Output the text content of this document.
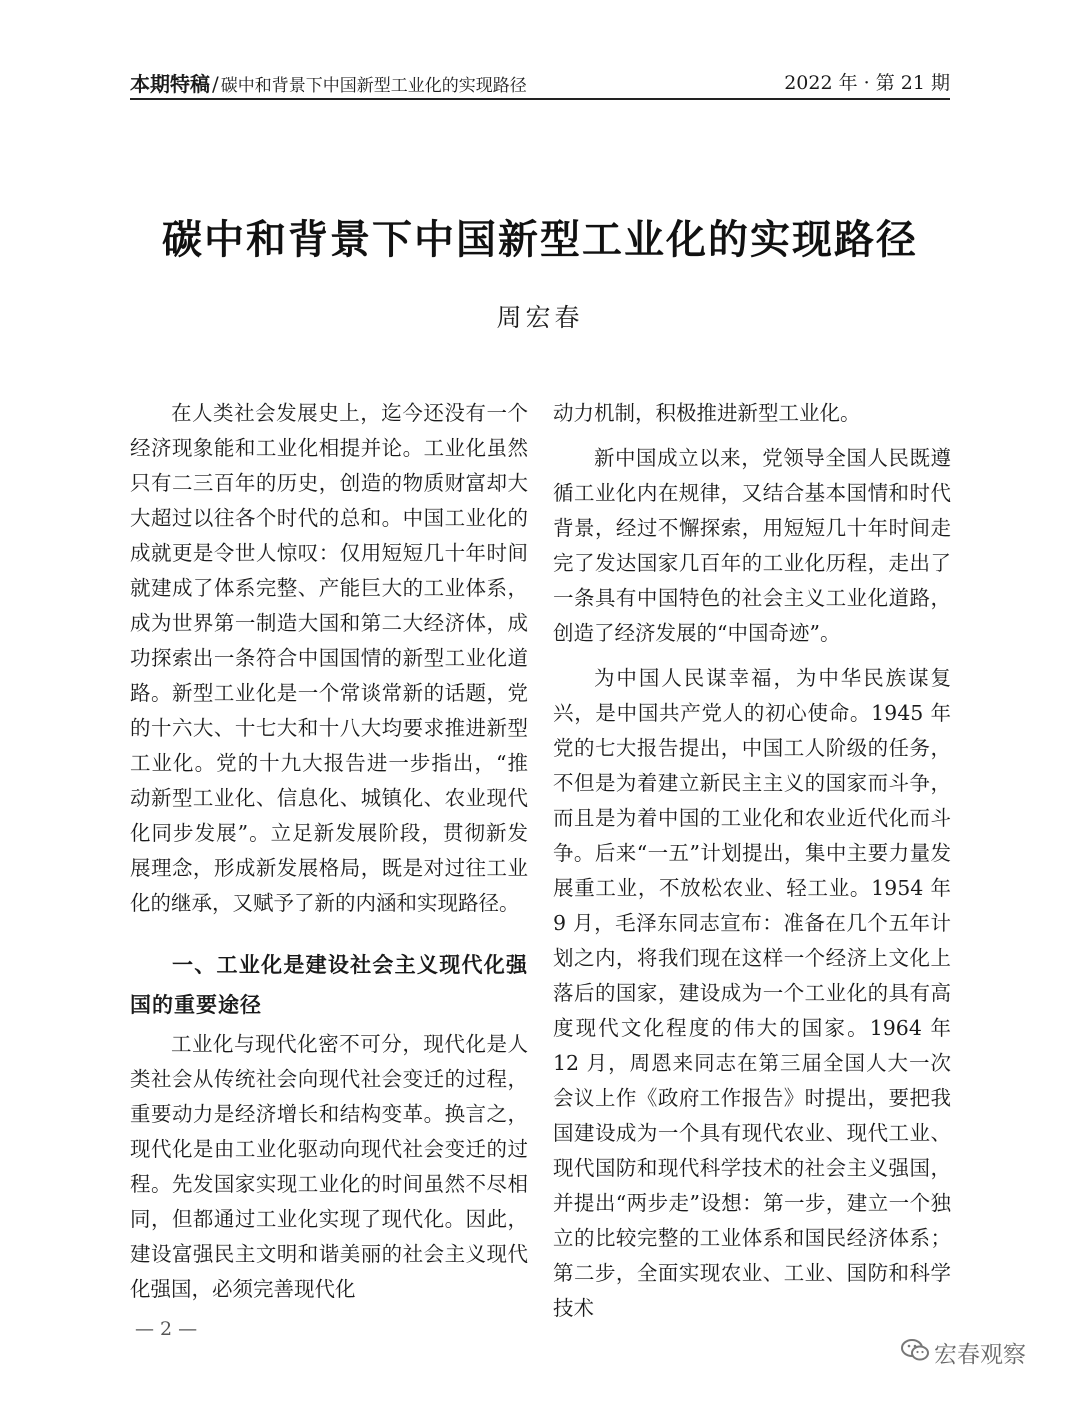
本期特稿 / 碳中和背景下中国新型工业化的实现路径	2022 年 · 第 21 期
碳中和背景下中国新型工业化的实现路径
周宏春

在人类社会发展史上，迄今还没有一个经济现象能和工业化相提并论。工业化虽然只有二三百年的历史，创造的物质财富却大大超过以往各个时代的总和。中国工业化的成就更是令世人惊叹：仅用短短几十年时间就建成了体系完整、产能巨大的工业体系，成为世界第一制造大国和第二大经济体，成功探索出一条符合中国国情的新型工业化道路。新型工业化是一个常谈常新的话题，党的十六大、十七大和十八大均要求推进新型工业化。党的十九大报告进一步指出，“推动新型工业化、信息化、城镇化、农业现代化同步发展”。立足新发展阶段，贯彻新发展理念，形成新发展格局，既是对过往工业化的继承，又赋予了新的内涵和实现路径。

一、工业化是建设社会主义现代化强国的重要途径

工业化与现代化密不可分，现代化是人类社会从传统社会向现代社会变迁的过程，重要动力是经济增长和结构变革。换言之，现代化是由工业化驱动向现代社会变迁的过程。先发国家实现工业化的时间虽然不尽相同，但都通过工业化实现了现代化。因此，建设富强民主文明和谐美丽的社会主义现代化强国，必须完善现代化

动力机制，积极推进新型工业化。

新中国成立以来，党领导全国人民既遵循工业化内在规律，又结合基本国情和时代背景，经过不懈探索，用短短几十年时间走完了发达国家几百年的工业化历程，走出了一条具有中国特色的社会主义工业化道路，创造了经济发展的“中国奇迹”。

为中国人民谋幸福，为中华民族谋复兴，是中国共产党人的初心使命。1945 年党的七大报告提出，中国工人阶级的任务，不但是为着建立新民主主义的国家而斗争，而且是为着中国的工业化和农业近代化而斗争。后来“一五”计划提出，集中主要力量发展重工业，不放松农业、轻工业。1954 年 9 月，毛泽东同志宣布：准备在几个五年计划之内，将我们现在这样一个经济上文化上落后的国家，建设成为一个工业化的具有高度现代文化程度的伟大的国家。1964 年 12 月，周恩来同志在第三届全国人大一次会议上作《政府工作报告》时提出，要把我国建设成为一个具有现代农业、现代工业、现代国防和现代科学技术的社会主义强国，并提出“两步走”设想：第一步，建立一个独立的比较完整的工业体系和国民经济体系；第二步，全面实现农业、工业、国防和科学技术

— 2 —
宏春观察
